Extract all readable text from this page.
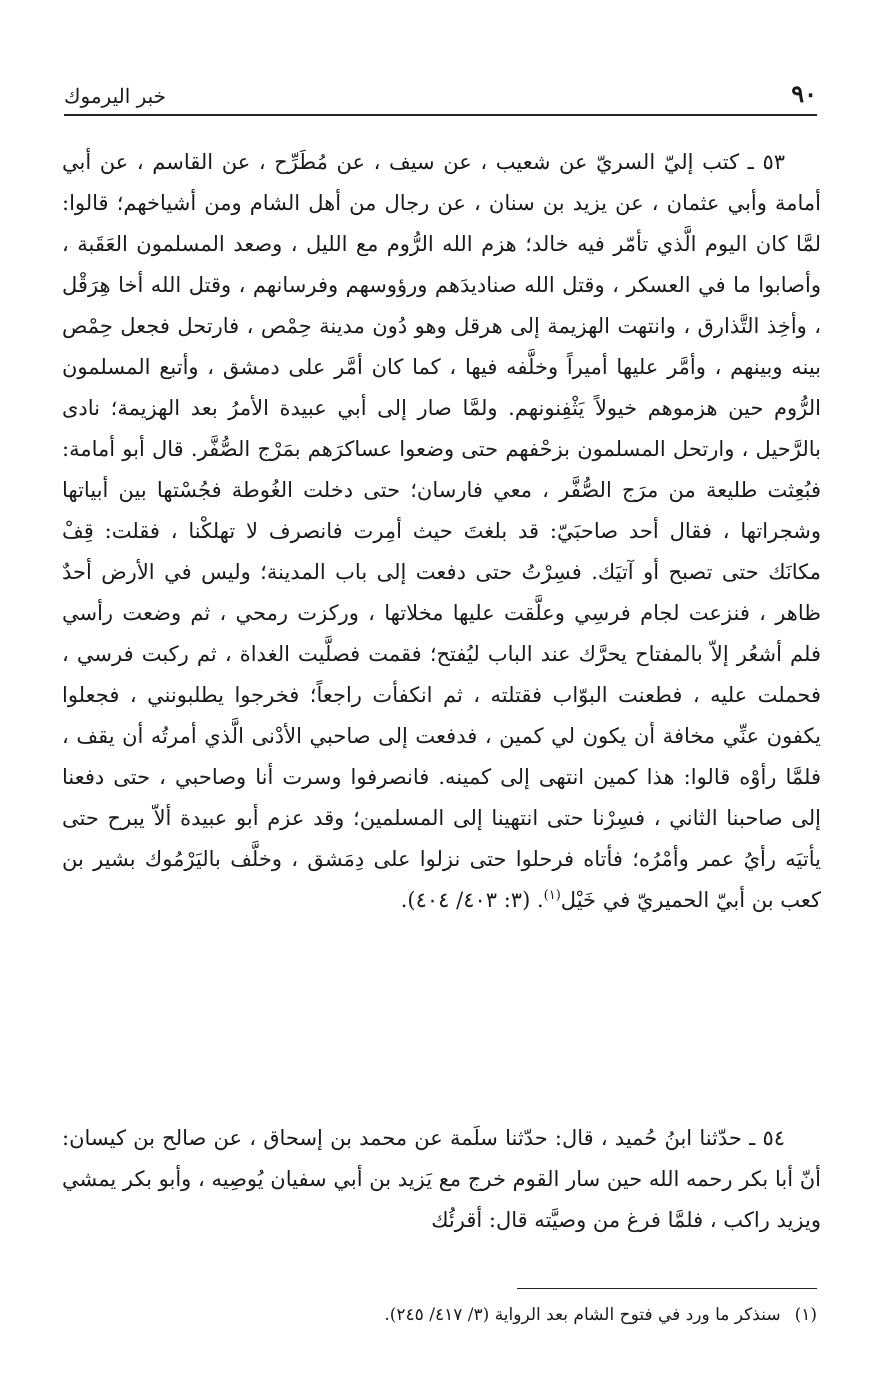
٩٠
خبر اليرموك

٥٣ ـ كتب إليّ السريّ عن شعيب ، عن سيف ، عن مُطَرِّح ، عن القاسم ، عن أبي أمامة وأبي عثمان ، عن يزيد بن سنان ، عن رجال من أهل الشام ومن أشياخهم؛ قالوا: لمَّا كان اليوم الَّذي تأمّر فيه خالد؛ هزم الله الرُّوم مع الليل ، وصعد المسلمون العَقَبة ، وأصابوا ما في العسكر ، وقتل الله صناديدَهم ورؤوسهم وفرسانهم ، وقتل الله أخا هِرَقْل ، وأخِذ التَّذارق ، وانتهت الهزيمة إلى هرقل وهو دُون مدينة حِمْص ، فارتحل فجعل حِمْص بينه وبينهم ، وأمَّر عليها أميراً وخلَّفه فيها ، كما كان أمَّر على دمشق ، وأتبع المسلمون الرُّوم حين هزموهم خيولاً يَثْفِنونهم. ولمَّا صار إلى أبي عبيدة الأمرُ بعد الهزيمة؛ نادى بالرَّحيل ، وارتحل المسلمون بزحْفهم حتى وضعوا عساكرَهم بمَرْج الصُّفَّر. قال أبو أمامة: فبُعِثت طليعة من مرَج الصُّفَّر ، معي فارسان؛ حتى دخلت الغُوطة فجُسْتها بين أبياتها وشجراتها ، فقال أحد صاحبَيّ: قد بلغتَ حيث أمِرت فانصرف لا تهلكْنا ، فقلت: قِفْ مكانَك حتى تصبح أو آتيَك. فسِرْتُ حتى دفعت إلى باب المدينة؛ وليس في الأرض أحدٌ ظاهر ، فنزعت لجام فرسِي وعلَّقت عليها مخلاتها ، وركزت رمحي ، ثم وضعت رأسي فلم أشعُر إلاّ بالمفتاح يحرَّك عند الباب ليُفتح؛ فقمت فصلَّيت الغداة ، ثم ركبت فرسي ، فحملت عليه ، فطعنت البوّاب فقتلته ، ثم انكفأت راجعاً؛ فخرجوا يطلبونني ، فجعلوا يكفون عنِّي مخافة أن يكون لي كمين ، فدفعت إلى صاحبي الأدْنى الَّذي أمرتُه أن يقف ، فلمَّا رأوْه قالوا: هذا كمين انتهى إلى كمينه. فانصرفوا وسرت أنا وصاحبي ، حتى دفعنا إلى صاحبنا الثاني ، فسِرْنا حتى انتهينا إلى المسلمين؛ وقد عزم أبو عبيدة ألاّ يبرح حتى يأتيَه رأيُ عمر وأمْرُه؛ فأتاه فرحلوا حتى نزلوا على دِمَشق ، وخلَّف باليَرْمُوك بشير بن كعب بن أبيّ الحميريّ في خَيْل$^{(١)}$. (٣: ٤٠٣/ ٤٠٤).

٥٤ ـ حدّثنا ابنُ حُميد ، قال: حدّثنا سلَمة عن محمد بن إسحاق ، عن صالح بن كيسان: أنّ أبا بكر رحمه الله حين سار القوم خرج مع يَزيد بن أبي سفيان يُوصِيه ، وأبو بكر يمشي ويزيد راكب ، فلمَّا فرغ من وصيَّته قال: أقرئُك

(١)
سنذكر ما ورد في فتوح الشام بعد الرواية (٣/ ٤١٧/ ٢٤٥).
